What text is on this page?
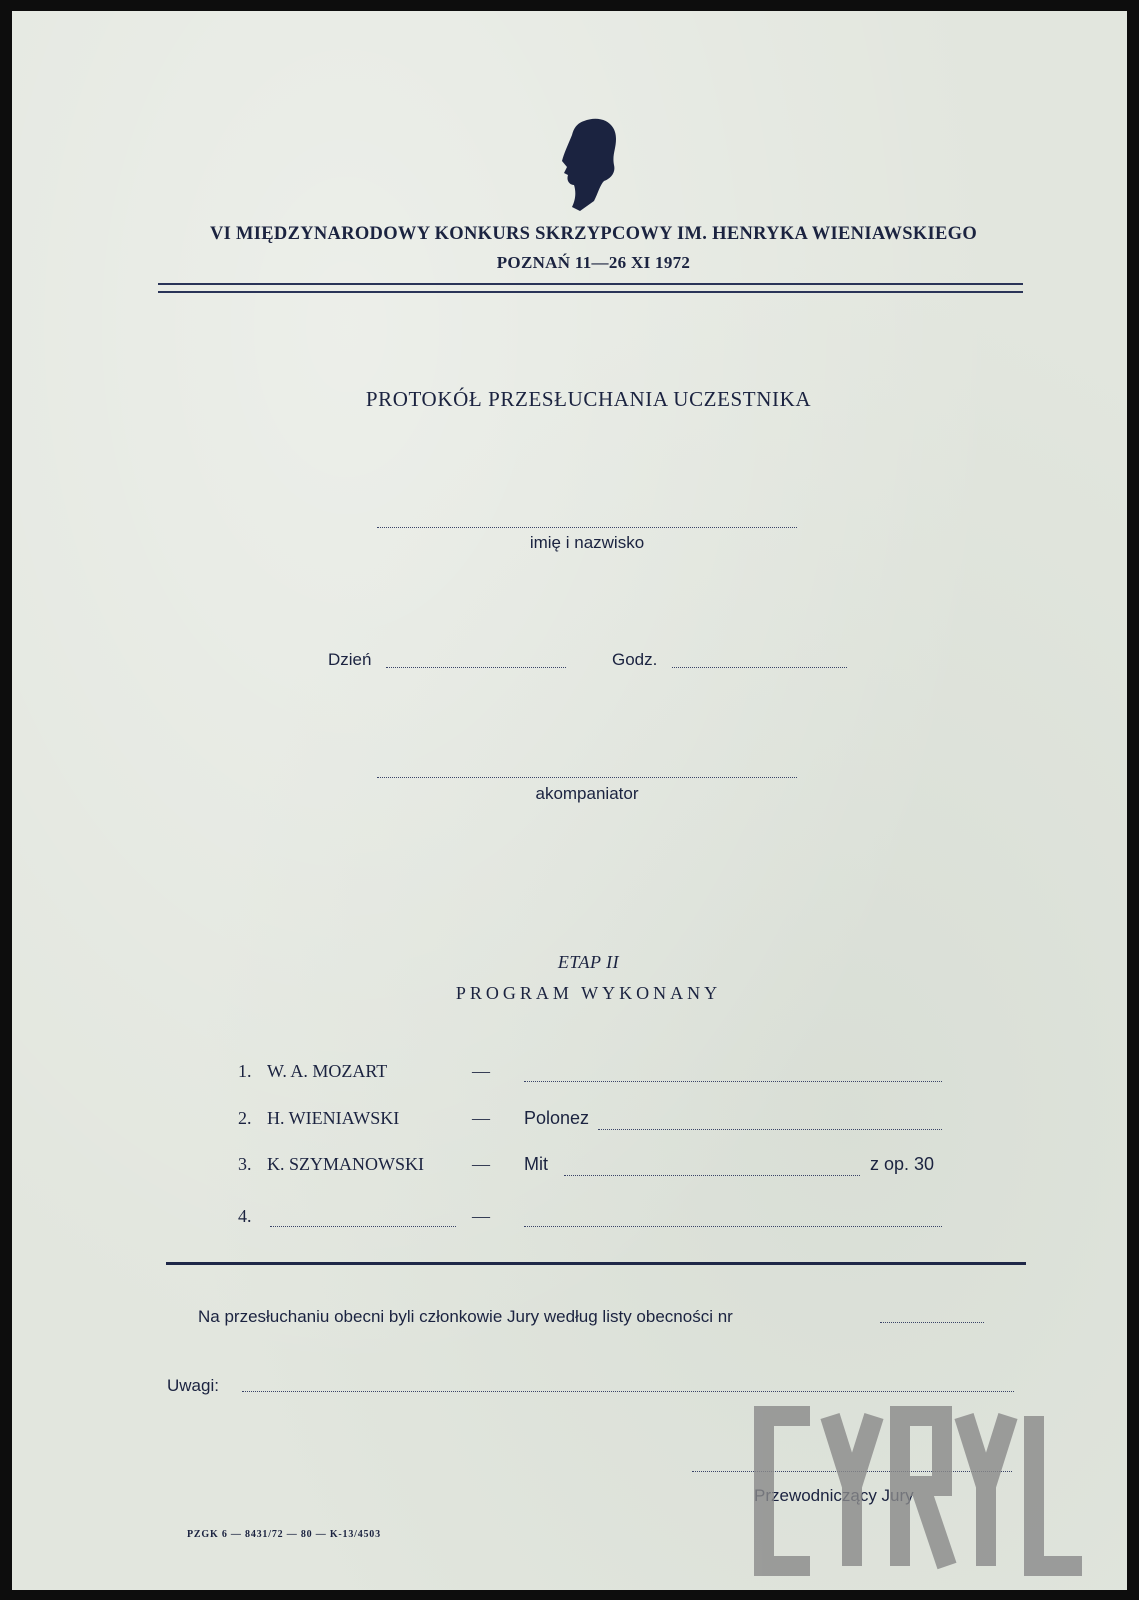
VI MIĘDZYNARODOWY KONKURS SKRZYPCOWY IM. HENRYKA WIENIAWSKIEGO
POZNAŃ 11—26 XI 1972
PROTOKÓŁ PRZESŁUCHANIA UCZESTNIKA
imię i nazwisko
Dzień	Godz.
akompaniator
ETAP II
PROGRAM WYKONANY
1. W. A. MOZART	—
2. H. WIENIAWSKI	— Polonez
3. K. SZYMANOWSKI	— Mit	z op. 30
4.	—
Na przesłuchaniu obecni byli członkowie Jury według listy obecności nr
Uwagi:
Przewodniczący Jury
PZGK 6 — 8431/72 — 80 — K-13/4503
